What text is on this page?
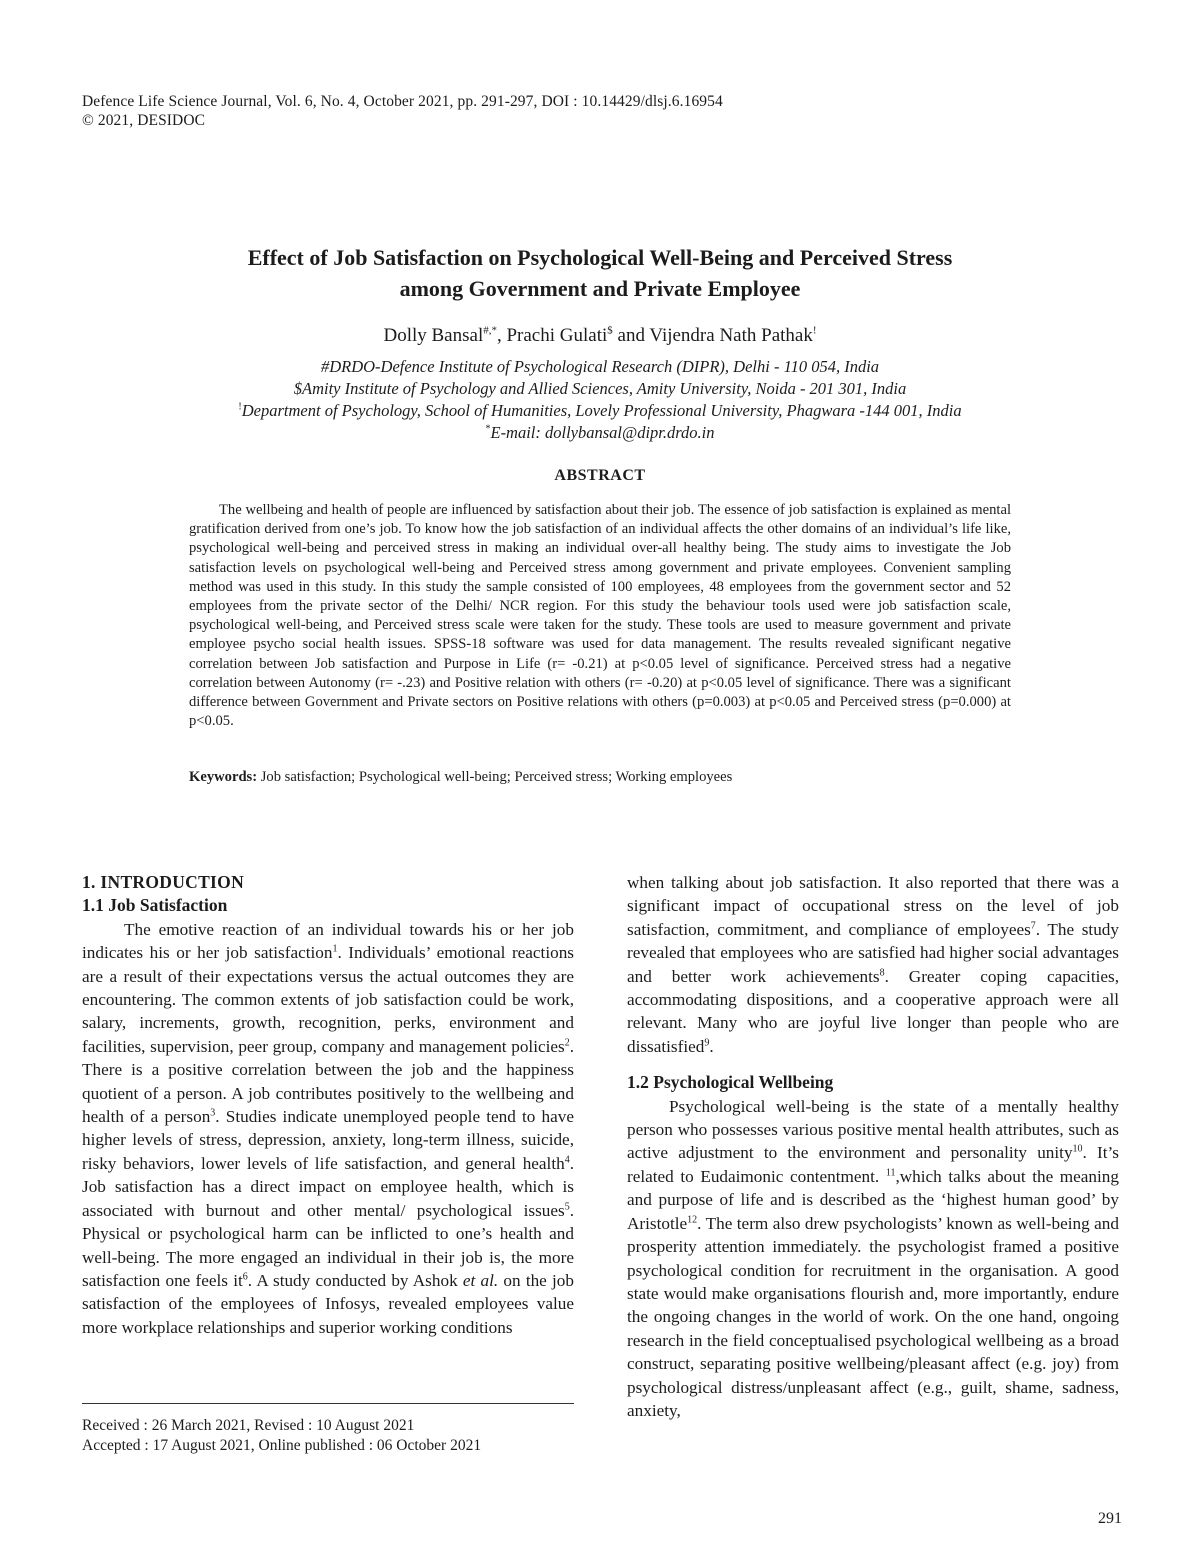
Defence Life Science Journal, Vol. 6, No. 4, October 2021, pp. 291-297, DOI : 10.14429/dlsj.6.16954
© 2021, DESIDOC
Effect of Job Satisfaction on Psychological Well-Being and Perceived Stress
among Government and Private Employee
Dolly Bansal#,*, Prachi Gulati$ and Vijendra Nath Pathak!
#DRDO-Defence Institute of Psychological Research (DIPR), Delhi - 110 054, India
$Amity Institute of Psychology and Allied Sciences, Amity University, Noida - 201 301, India
!Department of Psychology, School of Humanities, Lovely Professional University, Phagwara -144 001, India
*E-mail: dollybansal@dipr.drdo.in
ABSTRACT
The wellbeing and health of people are influenced by satisfaction about their job. The essence of job satisfaction is explained as mental gratification derived from one’s job. To know how the job satisfaction of an individual affects the other domains of an individual’s life like, psychological well-being and perceived stress in making an individual over-all healthy being. The study aims to investigate the Job satisfaction levels on psychological well-being and Perceived stress among government and private employees. Convenient sampling method was used in this study. In this study the sample consisted of 100 employees, 48 employees from the government sector and 52 employees from the private sector of the Delhi/ NCR region. For this study the behaviour tools used were job satisfaction scale, psychological well-being, and Perceived stress scale were taken for the study. These tools are used to measure government and private employee psycho social health issues. SPSS-18 software was used for data management. The results revealed significant negative correlation between Job satisfaction and Purpose in Life (r= -0.21) at p<0.05 level of significance. Perceived stress had a negative correlation between Autonomy (r= -.23) and Positive relation with others (r= -0.20) at p<0.05 level of significance. There was a significant difference between Government and Private sectors on Positive relations with others (p=0.003) at p<0.05 and Perceived stress (p=0.000) at p<0.05.
Keywords: Job satisfaction; Psychological well-being; Perceived stress; Working employees

1. INTRODUCTION

1.1 Job Satisfaction

The emotive reaction of an individual towards his or her job indicates his or her job satisfaction$^1$. Individuals’ emotional reactions are a result of their expectations versus the actual outcomes they are encountering. The common extents of job satisfaction could be work, salary, increments, growth, recognition, perks, environment and facilities, supervision, peer group, company and management policies$^2$. There is a positive correlation between the job and the happiness quotient of a person. A job contributes positively to the wellbeing and health of a person$^3$. Studies indicate unemployed people tend to have higher levels of stress, depression, anxiety, long-term illness, suicide, risky behaviors, lower levels of life satisfaction, and general health$^4$. Job satisfaction has a direct impact on employee health, which is associated with burnout and other mental/ psychological issues$^5$. Physical or psychological harm can be inflicted to one’s health and well-being. The more engaged an individual in their job is, the more satisfaction one feels $it^6$. A study conducted by Ashok et al. on the job satisfaction of the employees of Infosys, revealed employees value more workplace relationships and superior working conditions

when talking about job satisfaction. It also reported that there was a significant impact of occupational stress on the level of job satisfaction, commitment, and compliance of employees$^7$. The study revealed that employees who are satisfied had higher social advantages and better work achievements$^8$. Greater coping capacities, accommodating dispositions, and a cooperative approach were all relevant. Many who are joyful live longer than people who are dissatisfied$^9$.

1.2 Psychological Wellbeing

Psychological well-being is the state of a mentally healthy person who possesses various positive mental health attributes, such as active adjustment to the environment and personality unity$^{10}$. It’s related to Eudaimonic contentment. $^{11}$,which talks about the meaning and purpose of life and is described as the ‘highest human good’ by Aristotle$^{12}$. The term also drew psychologists’ known as well-being and prosperity attention immediately. the psychologist framed a positive psychological condition for recruitment in the organisation. A good state would make organisations flourish and, more importantly, endure the ongoing changes in the world of work. On the one hand, ongoing research in the field conceptualised psychological wellbeing as a broad construct, separating positive wellbeing/pleasant affect (e.g. joy) from psychological distress/unpleasant affect (e.g., guilt, shame, sadness, anxiety,

Received : 26 March 2021, Revised : 10 August 2021
Accepted : 17 August 2021, Online published : 06 October 2021
291
